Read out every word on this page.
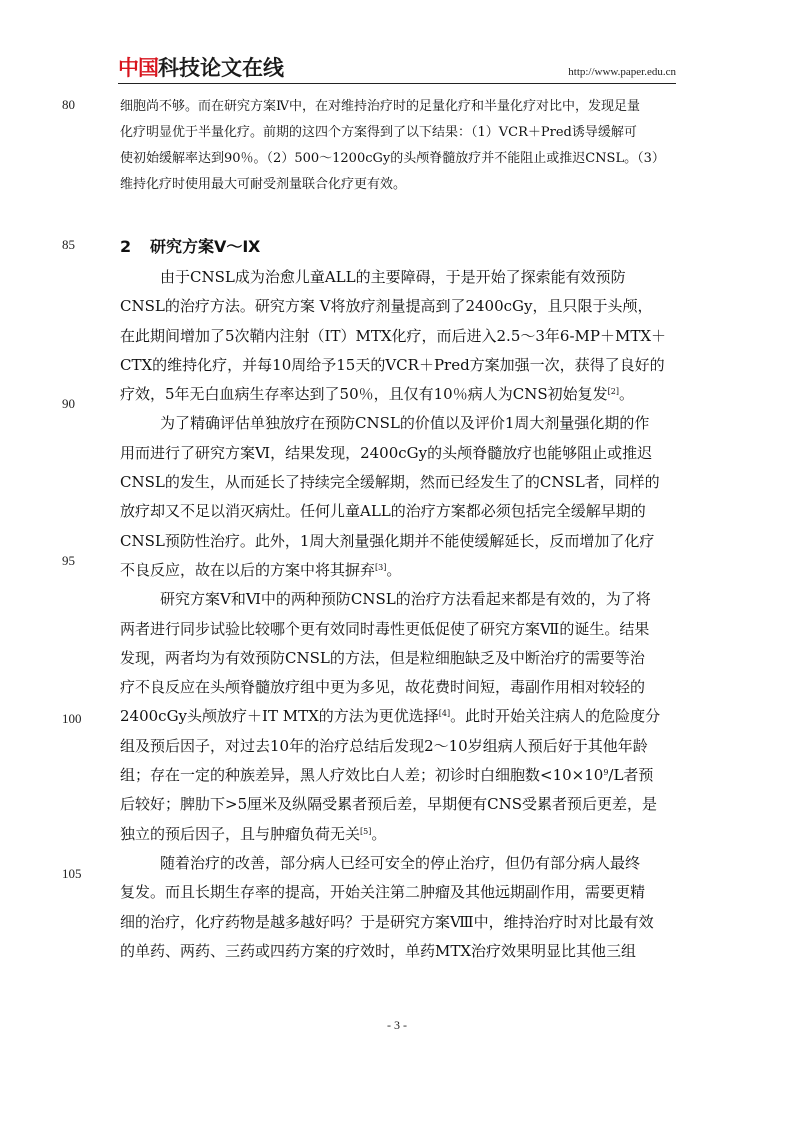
中国 科技论文在线	http://www.paper.edu.cn
80
85
90
95
100
105
细胞尚不够。而在研究方案Ⅳ中，在对维持治疗时的足量化疗和半量化疗对比中，发现足量
化疗明显优于半量化疗。前期的这四个方案得到了以下结果：（1）VCR＋Pred诱导缓解可
使初始缓解率达到90％。（2）500～1200cGy的头颅脊髓放疗并不能阻止或推迟CNSL。（3）
维持化疗时使用最大可耐受剂量联合化疗更有效。
2 研究方案Ⅴ～Ⅸ
由于CNSL成为治愈儿童ALL的主要障碍，于是开始了探索能有效预防
CNSL的治疗方法。研究方案 Ⅴ将放疗剂量提高到了2400cGy，且只限于头颅，
在此期间增加了5次鞘内注射（IT）MTX化疗，而后进入2.5～3年6-MP＋MTX＋
CTX的维持化疗，并每10周给予15天的VCR＋Pred方案加强一次，获得了良好的
疗效，5年无白血病生存率达到了50％，且仅有10％病人为CNS初始复发[2]。
为了精确评估单独放疗在预防CNSL的价值以及评价1周大剂量强化期的作
用而进行了研究方案Ⅵ，结果发现，2400cGy的头颅脊髓放疗也能够阻止或推迟
CNSL的发生，从而延长了持续完全缓解期，然而已经发生了的CNSL者，同样的
放疗却又不足以消灭病灶。任何儿童ALL的治疗方案都必须包括完全缓解早期的
CNSL预防性治疗。此外，1周大剂量强化期并不能使缓解延长，反而增加了化疗
不良反应，故在以后的方案中将其摒弃[3]。
研究方案Ⅴ和Ⅵ中的两种预防CNSL的治疗方法看起来都是有效的，为了将
两者进行同步试验比较哪个更有效同时毒性更低促使了研究方案Ⅶ的诞生。结果
发现，两者均为有效预防CNSL的方法，但是粒细胞缺乏及中断治疗的需要等治
疗不良反应在头颅脊髓放疗组中更为多见，故花费时间短，毒副作用相对较轻的
2400cGy头颅放疗＋IT MTX的方法为更优选择[4]。此时开始关注病人的危险度分
组及预后因子，对过去10年的治疗总结后发现2～10岁组病人预后好于其他年龄
组；存在一定的种族差异，黑人疗效比白人差；初诊时白细胞数$<10\times 10^9/L$者预
后较好；脾肋下>5厘米及纵隔受累者预后差，早期便有CNS受累者预后更差，是
独立的预后因子，且与肿瘤负荷无关[5]。
随着治疗的改善，部分病人已经可安全的停止治疗，但仍有部分病人最终
复发。而且长期生存率的提高，开始关注第二肿瘤及其他远期副作用，需要更精
细的治疗，化疗药物是越多越好吗？于是研究方案Ⅷ中，维持治疗时对比最有效
的单药、两药、三药或四药方案的疗效时，单药MTX治疗效果明显比其他三组
- 3 -
